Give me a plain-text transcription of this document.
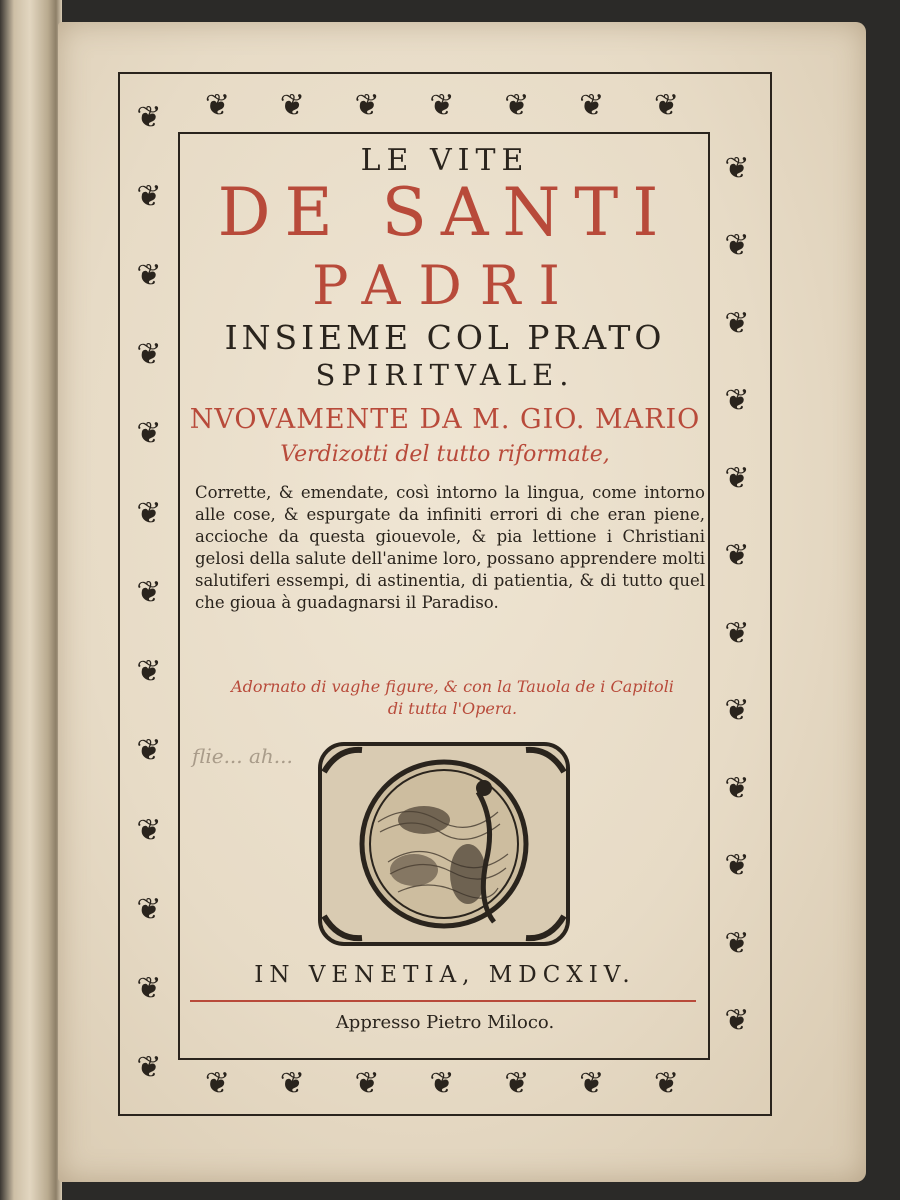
❦ ❦ ❦ ❦ ❦ ❦ ❦
❦ ❦ ❦ ❦ ❦ ❦ ❦
❦
❦
❦
❦
❦
❦
❦
❦
❦
❦
❦
❦
❦
❦
❦
❦
❦
❦
❦
❦
❦
❦
❦
❦
❦
LE VITE
DE SANTI
PADRI
INSIEME COL PRATO
SPIRITVALE.
NVOVAMENTE DA M. GIO. MARIO
Verdizotti del tutto riformate,
Corrette, & emendate, così intorno la lingua, come intorno alle cose, & espurgate da infiniti errori di che eran piene, accioche da questa giouevole, & pia lettione i Christiani gelosi della salute dell'anime loro, possano apprendere molti salutiferi essempi, di astinentia, di patientia, & di tutto quel che gioua à guadagnarsi il Paradiso.
Adornato di vaghe figure, & con la Tauola de i Capitoli
di tutta l'Opera.
flie... ah...
IN VENETIA, MDCXIV.
Appresso Pietro Miloco.
